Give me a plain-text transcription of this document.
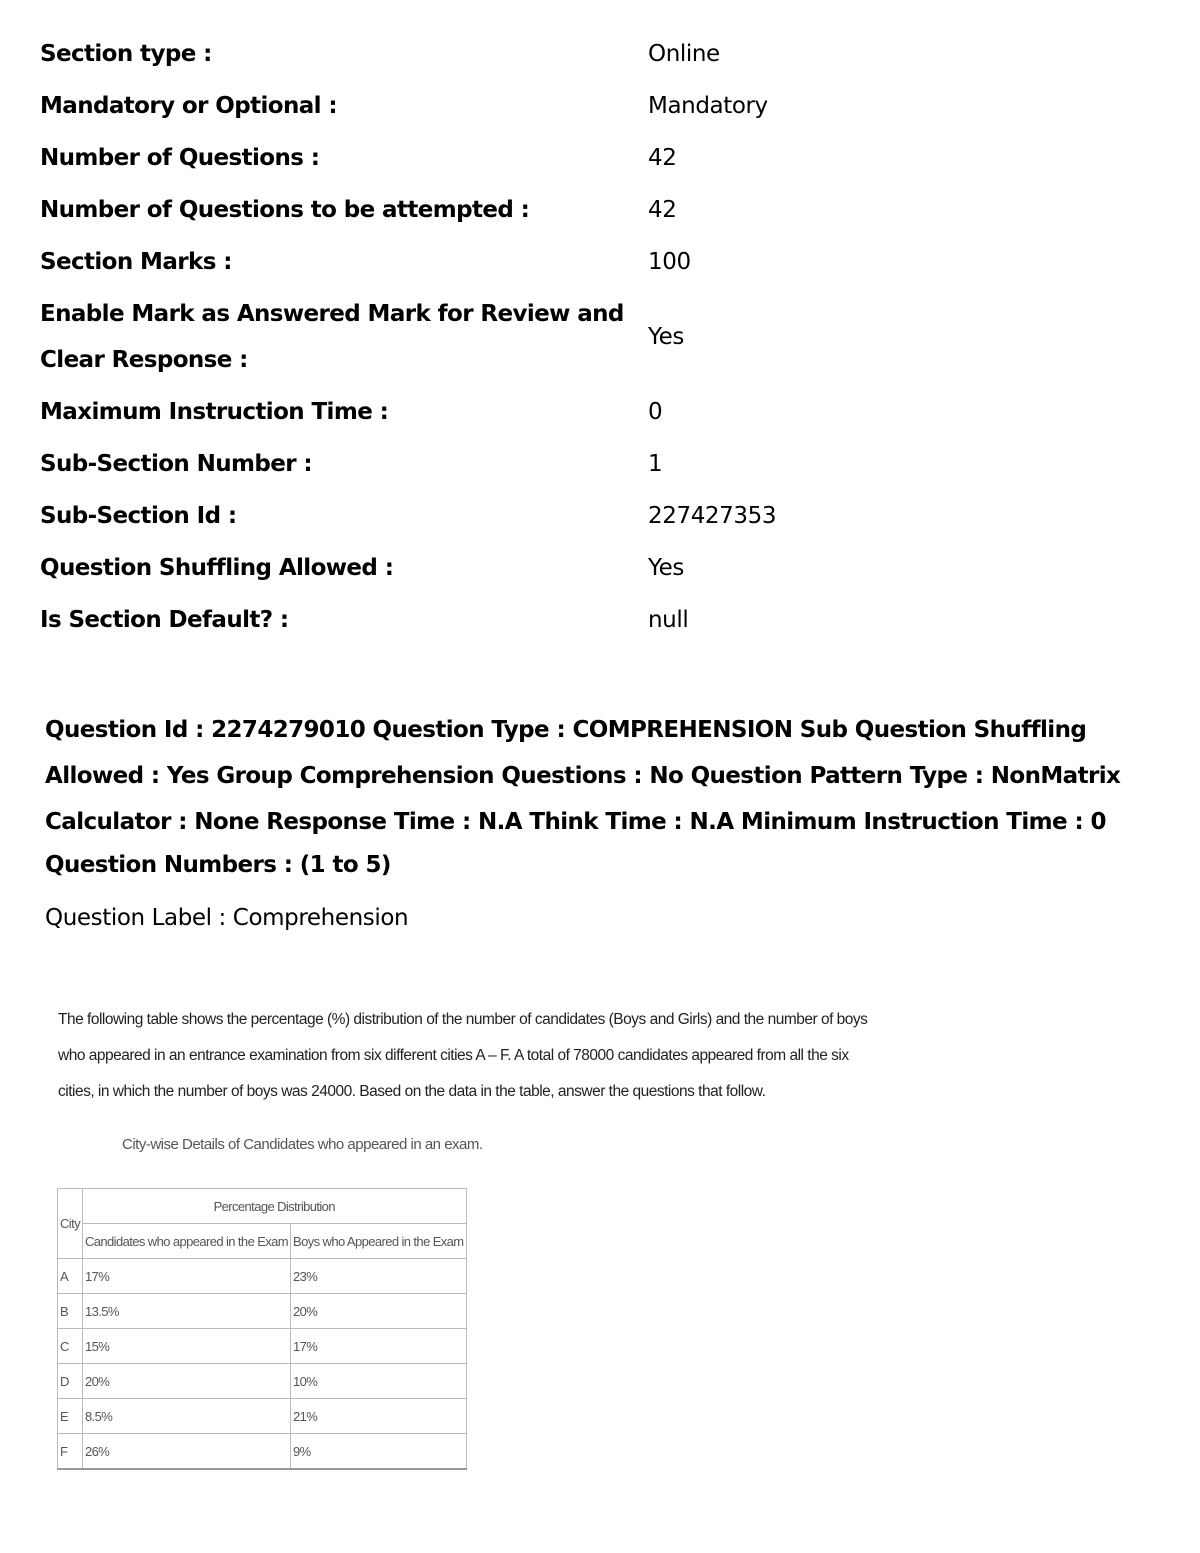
Section type :	Online
Mandatory or Optional :	Mandatory
Number of Questions :	42
Number of Questions to be attempted :	42
Section Marks :	100
Enable Mark as Answered Mark for Review and Clear Response :
Yes
Maximum Instruction Time :	0
Sub-Section Number :	1
Sub-Section Id :	227427353
Question Shuffling Allowed :	Yes
Is Section Default? :	null
Question Id : 2274279010 Question Type : COMPREHENSION Sub Question Shuffling Allowed : Yes Group Comprehension Questions : No Question Pattern Type : NonMatrix Calculator : None Response Time : N.A Think Time : N.A Minimum Instruction Time : 0
Question Numbers : (1 to 5)
Question Label : Comprehension
The following table shows the percentage (%) distribution of the number of candidates (Boys and Girls) and the number of boys who appeared in an entrance examination from six different cities A – F. A total of 78000 candidates appeared from all the six cities, in which the number of boys was 24000. Based on the data in the table, answer the questions that follow.
City-wise Details of Candidates who appeared in an exam.
City	Percentage Distribution	
	Candidates who appeared in the Exam	Boys who Appeared in the Exam
A	17%	23%
B	13.5%	20%
C	15%	17%
D	20%	10%
E	8.5%	21%
F	26%	9%
